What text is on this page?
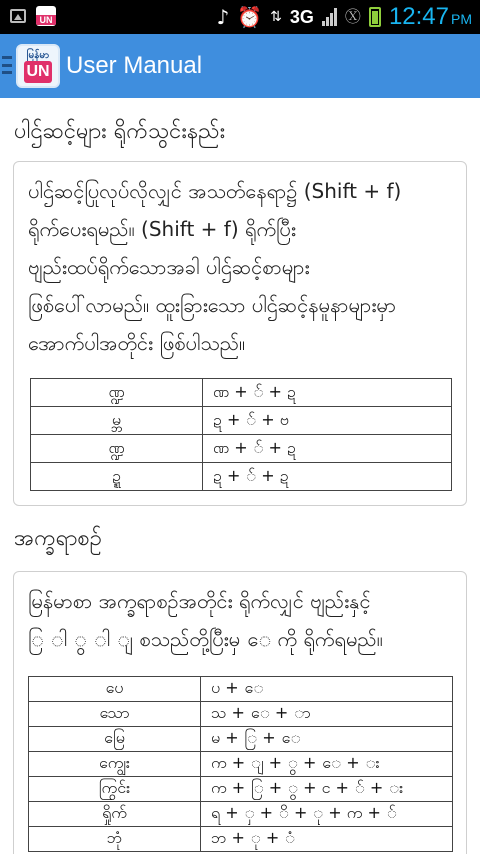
UN
♪ ⏰ ⇅ 3G Ⓧ 12:47 PM
မြန်မာ
UN User Manual
ပါဌ်ဆင့်များ ရိုက်သွင်းနည်း

ပါဌ်ဆင့်ပြုလုပ်လိုလျှင် အသတ်နေရာ၌ (Shift + f)

ရိုက်ပေးရမည်။ (Shift + f) ရိုက်ပြီး

ဗျည်းထပ်ရိုက်သောအခါ ပါဌ်ဆင့်စာများ

ဖြစ်ပေါ်လာမည်။ ထူးခြားသော ပါဌ်ဆင့်နမူနာများမှာ

အောက်ပါအတိုင်း ဖြစ်ပါသည်။

ဏ္ဍ	ဏ + ် + ဍ
မ္ဘ	ဍ + ် + ဗ
ဏ္ဍ	ဏ + ် + ဍ
ဍ္ဍ	ဍ + ် + ဍ
အက္ခရာစဉ်

မြန်မာစာ အက္ခရာစဉ်အတိုင်း ရိုက်လျှင် ဗျည်းနှင့်

ြ ါ ွ ါ ျ စသည်တို့ပြီးမှ ေ ကို ရိုက်ရမည်။

ပေ	ပ + ေ
သော	သ + ေ + ာ
မြေ	မ + ြ + ေ
ကျွေး	က + ျ + ွ + ေ + း
ကြွင်း	က + ြ + ွ + င + ် + း
ရှိုက်	ရ + ှ + ိ + ု + က + ်
ဘုံ	ဘ + ု + ံ
